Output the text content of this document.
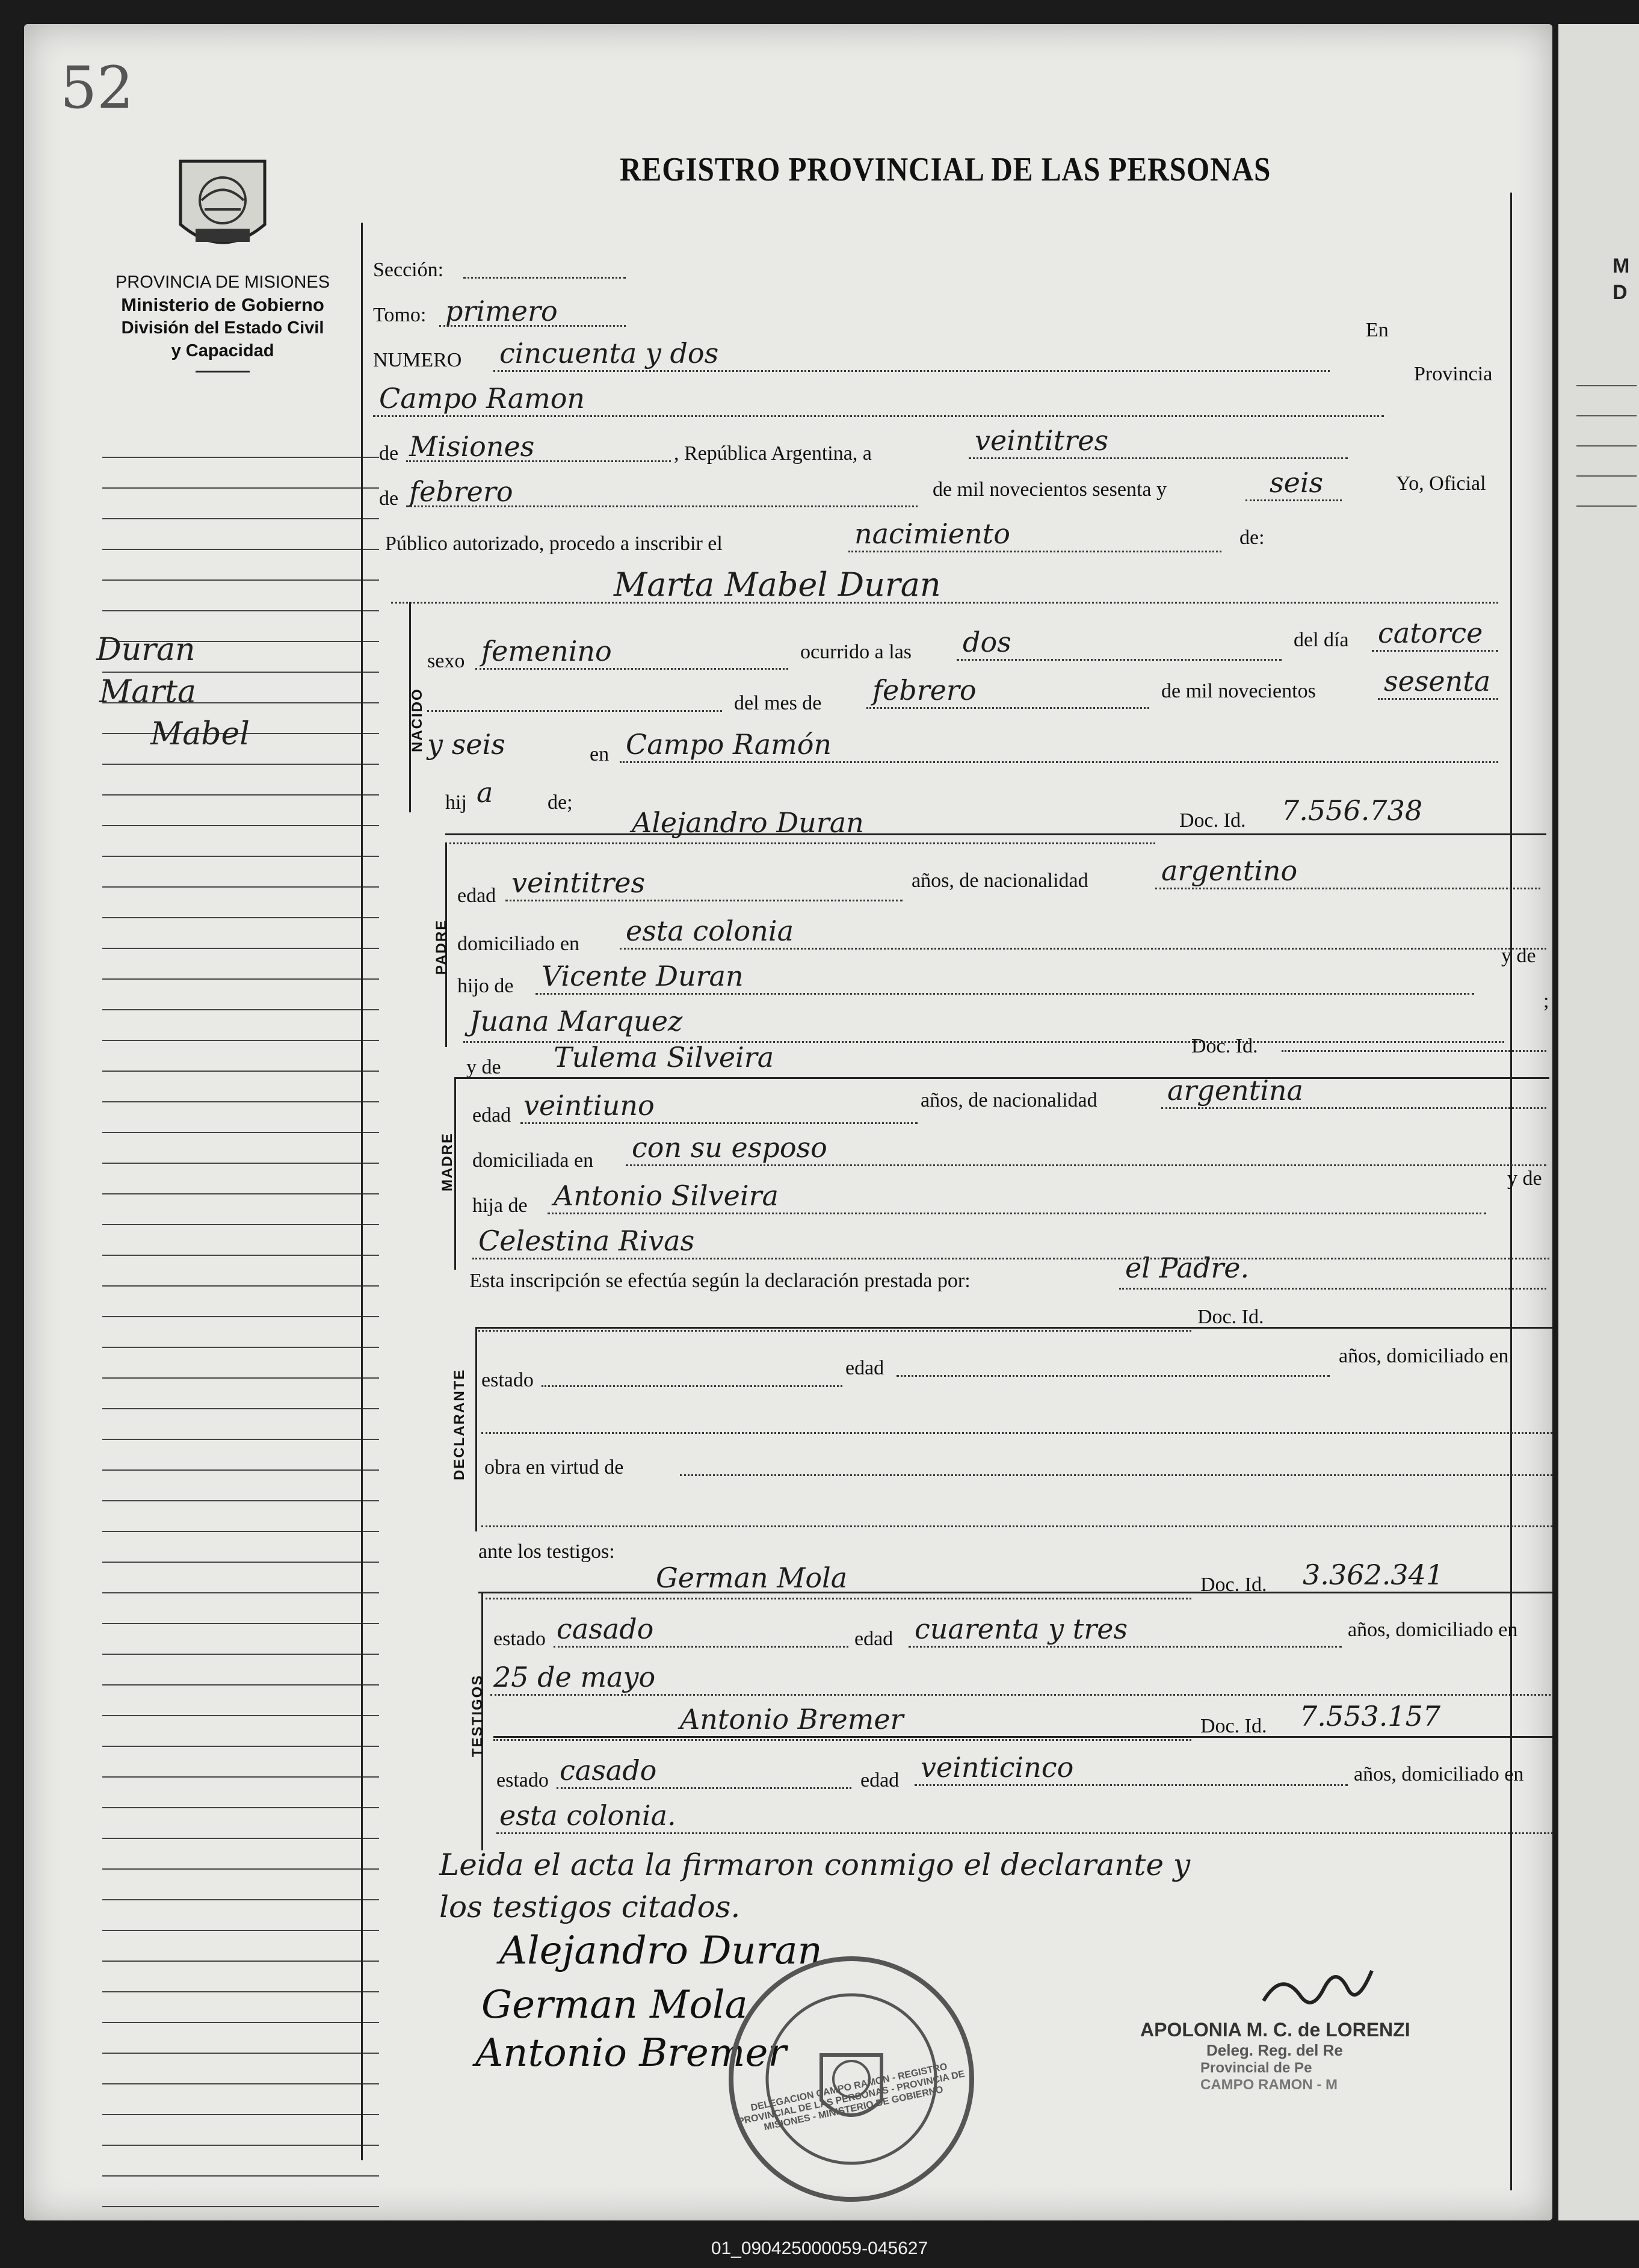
52
REGISTRO PROVINCIAL DE LAS PERSONAS
PROVINCIA DE MISIONES
Ministerio de Gobierno
División del Estado Civil
y Capacidad
Duran
Marta
Mabel
Sección:
Tomo: primero
NUMERO cincuenta y dos
En
Campo Ramon
Provincia
de Misiones	, República Argentina, a	veintitres
de febrero	de mil novecientos sesenta y	seis	Yo, Oficial
Público autorizado, procedo a inscribir el	nacimiento	de:
Marta Mabel Duran
NACIDO
sexo femenino	ocurrido a las dos	del día catorce
del mes de febrero	de mil novecientos sesenta
y seis	en Campo Ramón
hij a	de;
Alejandro Duran	Doc. Id. 7.556.738
PADRE
edad veintitres	años, de nacionalidad	argentino
domiciliado en esta colonia
hijo de Vicente Duran
y de
Juana Marquez
;
y de Tulema Silveira	Doc. Id.
MADRE
edad veintiuno	años, de nacionalidad	argentina
domiciliada en con su esposo
hija de Antonio Silveira
y de
Celestina Rivas
Esta inscripción se efectúa según la declaración prestada por:	el Padre.
Doc. Id.
DECLARANTE estado
edad
años, domiciliado en
obra en virtud de
ante los testigos:
German Mola	Doc. Id. 3.362.341
TESTIGOS
estado casado	edad cuarenta y tres	años, domiciliado en
25 de mayo
Antonio Bremer	Doc. Id. 7.553.157
estado casado	edad veinticinco	años, domiciliado en
esta colonia.
Leida el acta la firmaron conmigo el declarante y
los testigos citados.
Alejandro Duran
German Mola
Antonio Bremer
DELEGACION CAMPO RAMON - REGISTRO PROVINCIAL DE LAS PERSONAS - PROVINCIA DE MISIONES - MINISTERIO DE GOBIERNO
APOLONIA M. C. de LORENZI
Deleg. Reg. del Re
Provincial de Pe
CAMPO RAMON - M
M
D
01_090425000059-045627
